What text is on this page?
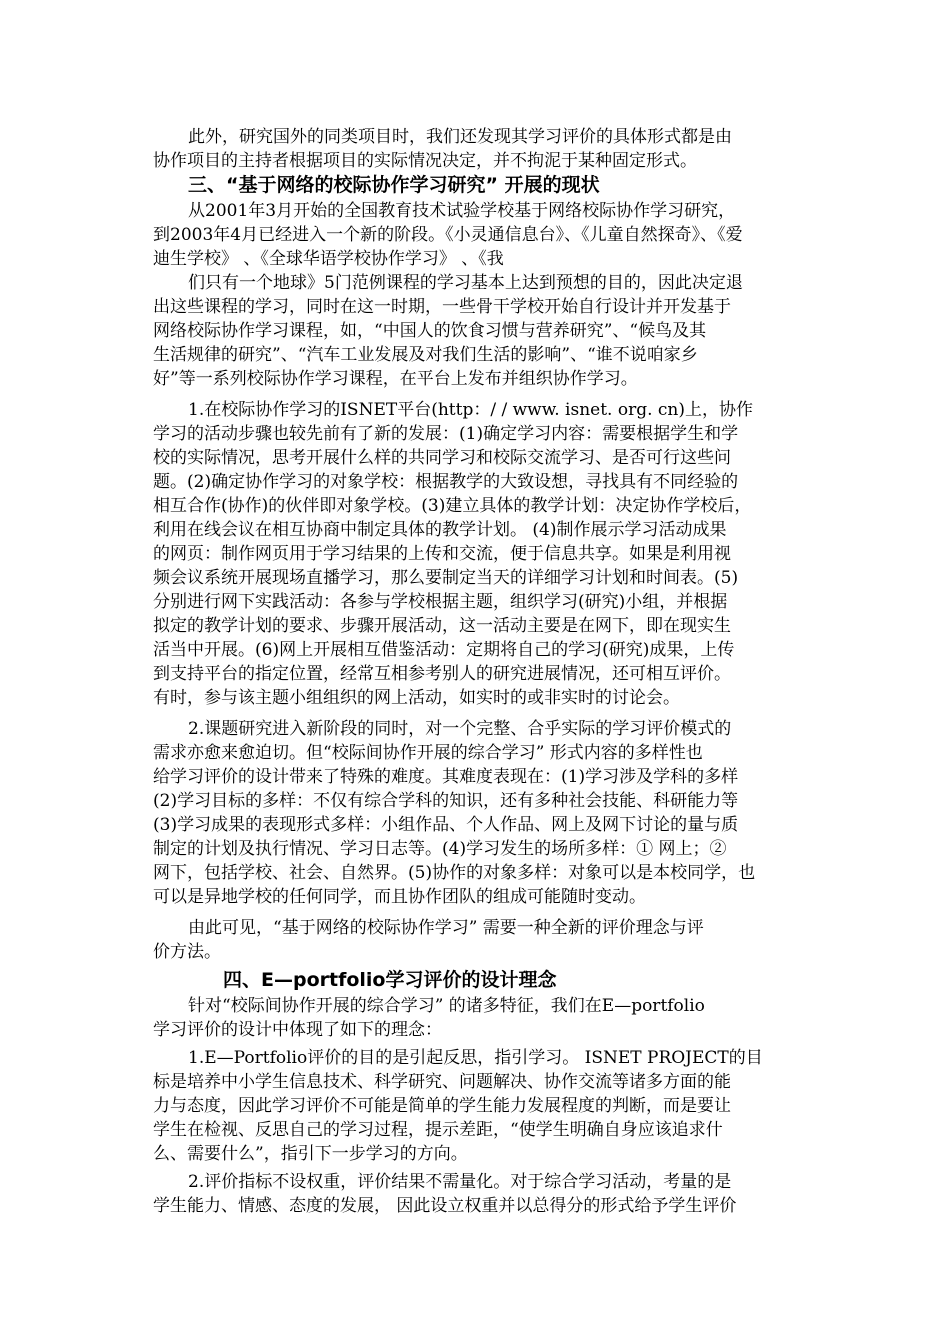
此外，研究国外的同类项目时，我们还发现其学习评价的具体形式都是由
协作项目的主持者根据项目的实际情况决定，并不拘泥于某种固定形式。
三、“基于网络的校际协作学习研究” 开展的现状
从2001年3月开始的全国教育技术试验学校基于网络校际协作学习研究，
到2003年4月已经进入一个新的阶段。《小灵通信息台》、《儿童自然探奇》、《爱
迪生学校》 、《全球华语学校协作学习》 、《我
们只有一个地球》5门范例课程的学习基本上达到预想的目的，因此决定退
出这些课程的学习，同时在这一时期，一些骨干学校开始自行设计并开发基于
网络校际协作学习课程，如，“中国人的饮食习惯与营养研究”、“候鸟及其
生活规律的研究”、“汽车工业发展及对我们生活的影响”、“谁不说咱家乡
好”等一系列校际协作学习课程，在平台上发布并组织协作学习。
1.在校际协作学习的ISNET平台(http：/ / www. isnet. org. cn)上，协作
学习的活动步骤也较先前有了新的发展：(1)确定学习内容：需要根据学生和学
校的实际情况，思考开展什么样的共同学习和校际交流学习、是否可行这些问
题。(2)确定协作学习的对象学校：根据教学的大致设想，寻找具有不同经验的
相互合作(协作)的伙伴即对象学校。(3)建立具体的教学计划：决定协作学校后，
利用在线会议在相互协商中制定具体的教学计划。 (4)制作展示学习活动成果
的网页：制作网页用于学习结果的上传和交流，便于信息共享。如果是利用视
频会议系统开展现场直播学习，那么要制定当天的详细学习计划和时间表。(5)
分别进行网下实践活动：各参与学校根据主题，组织学习(研究)小组，并根据
拟定的教学计划的要求、步骤开展活动，这一活动主要是在网下，即在现实生
活当中开展。(6)网上开展相互借鉴活动：定期将自己的学习(研究)成果，上传
到支持平台的指定位置，经常互相参考别人的研究进展情况，还可相互评价。
有时，参与该主题小组组织的网上活动，如实时的或非实时的讨论会。
2.课题研究进入新阶段的同时，对一个完整、合乎实际的学习评价模式的
需求亦愈来愈迫切。但“校际间协作开展的综合学习” 形式内容的多样性也
给学习评价的设计带来了特殊的难度。其难度表现在：(1)学习涉及学科的多样
(2)学习目标的多样：不仅有综合学科的知识，还有多种社会技能、科研能力等
(3)学习成果的表现形式多样：小组作品、个人作品、网上及网下讨论的量与质
制定的计划及执行情况、学习日志等。(4)学习发生的场所多样：① 网上；②
网下，包括学校、社会、自然界。(5)协作的对象多样：对象可以是本校同学，也
可以是异地学校的任何同学，而且协作团队的组成可能随时变动。
由此可见，“基于网络的校际协作学习” 需要一种全新的评价理念与评
价方法。
四、E—portfolio学习评价的设计理念
针对“校际间协作开展的综合学习” 的诸多特征，我们在E—portfolio
学习评价的设计中体现了如下的理念：
1.E—Portfolio评价的目的是引起反思，指引学习。 ISNET PROJECT的目
标是培养中小学生信息技术、科学研究、问题解决、协作交流等诸多方面的能
力与态度，因此学习评价不可能是简单的学生能力发展程度的判断，而是要让
学生在检视、反思自己的学习过程，提示差距，“使学生明确自身应该追求什
么、需要什么”，指引下一步学习的方向。
2.评价指标不设权重，评价结果不需量化。对于综合学习活动，考量的是
学生能力、情感、态度的发展， 因此设立权重并以总得分的形式给予学生评价
